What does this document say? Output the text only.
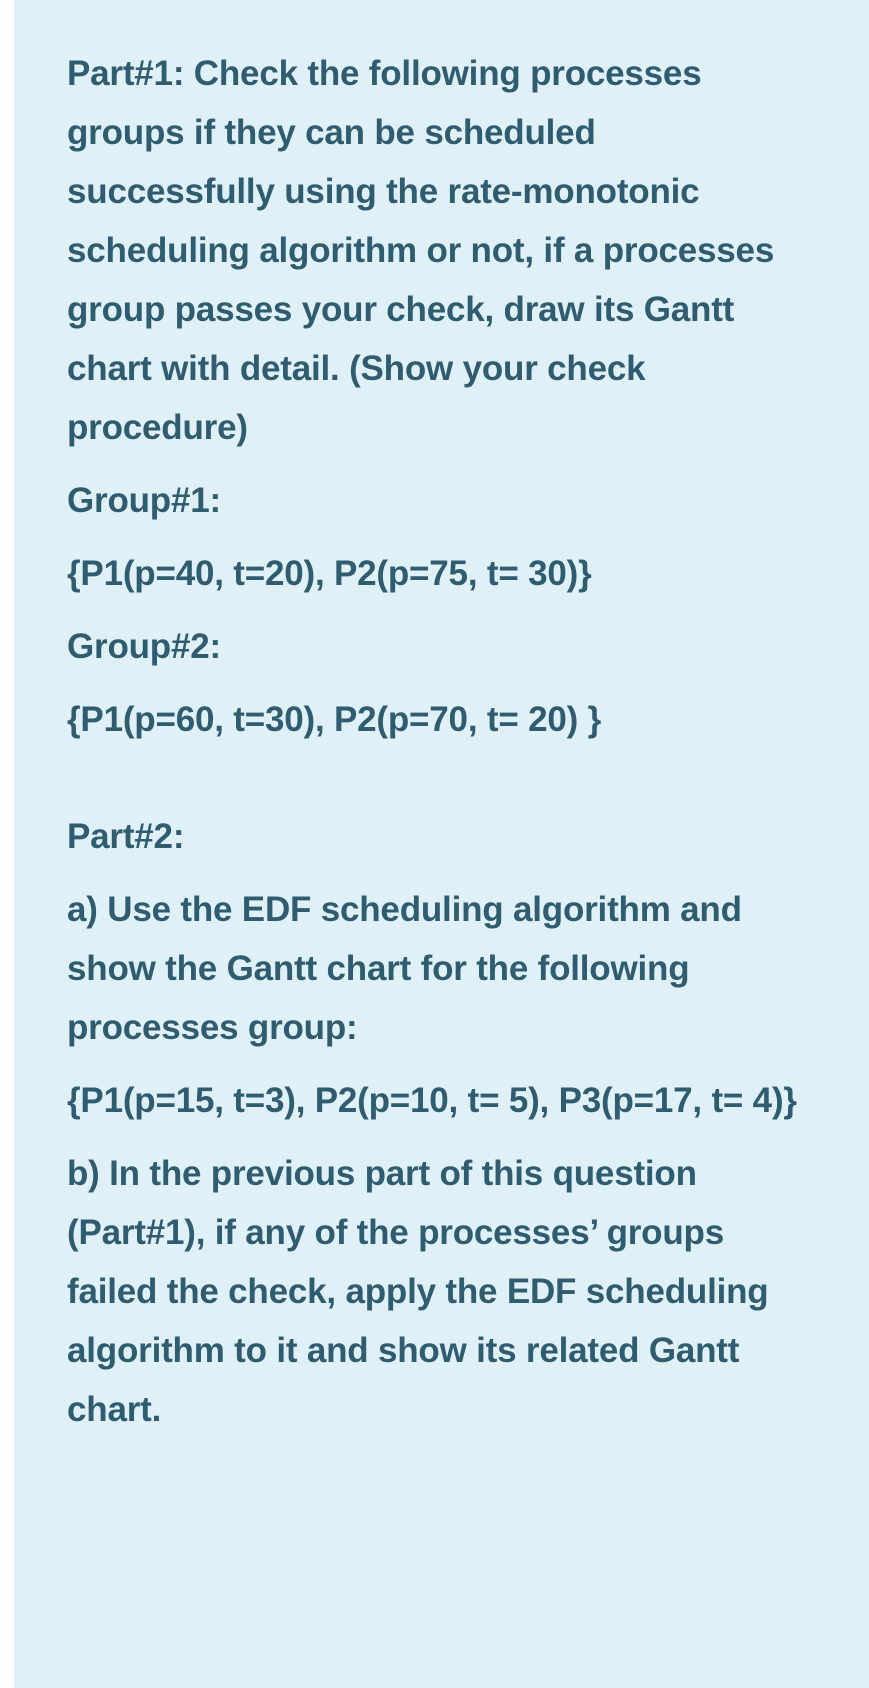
Part#1: Check the following processes groups if they can be scheduled successfully using the rate-monotonic scheduling algorithm or not, if a processes group passes your check, draw its Gantt chart with detail. (Show your check procedure)

Group#1:

{P1(p=40, t=20), P2(p=75, t= 30)}

Group#2:

{P1(p=60, t=30), P2(p=70, t= 20) }

Part#2:

a) Use the EDF scheduling algorithm and show the Gantt chart for the following processes group:

{P1(p=15, t=3), P2(p=10, t= 5), P3(p=17, t= 4)}

b) In the previous part of this question (Part#1), if any of the processes’ groups failed the check, apply the EDF scheduling algorithm to it and show its related Gantt chart.
